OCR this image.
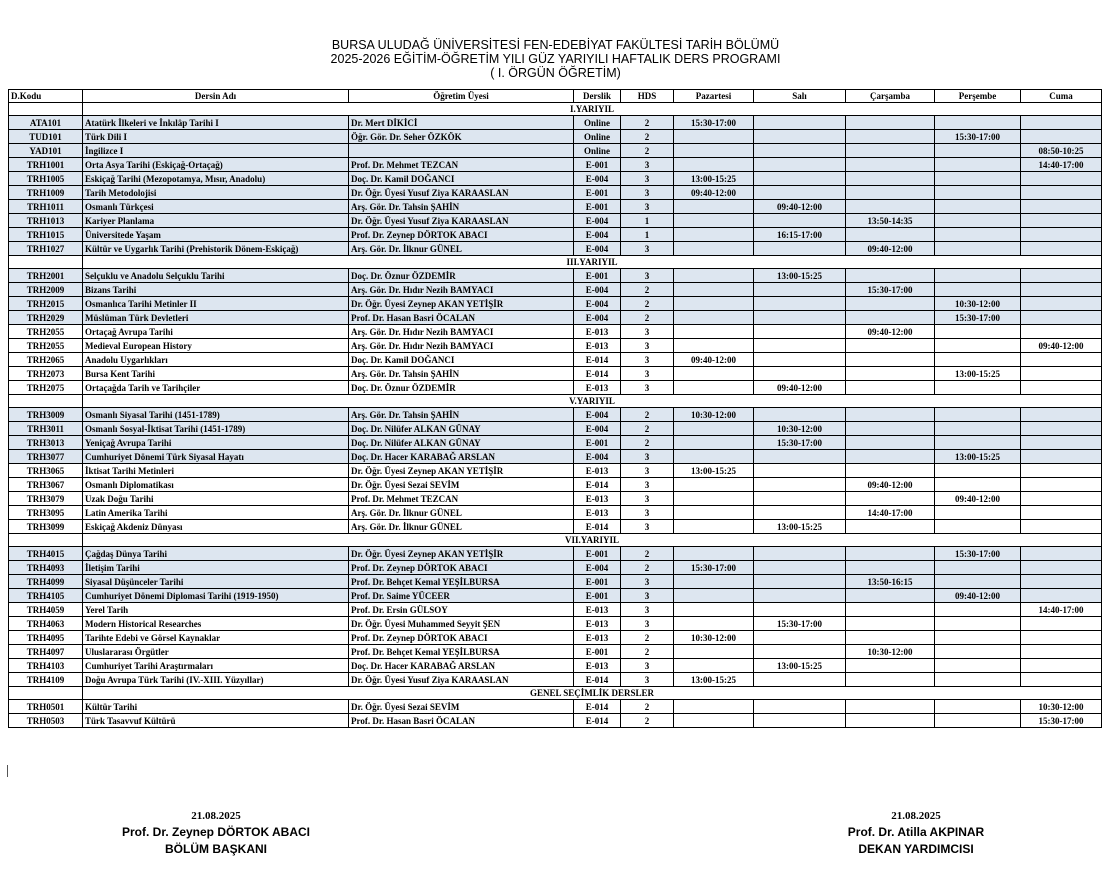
BURSA ULUDAĞ ÜNİVERSİTESİ FEN-EDEBİYAT FAKÜLTESİ TARİH BÖLÜMÜ
2025-2026 EĞİTİM-ÖĞRETİM YILI GÜZ YARIYILI HAFTALIK DERS PROGRAMI
( I. ÖRGÜN ÖĞRETİM)
D.Kodu	Dersin Adı	Öğretim Üyesi	Derslik	HDS	Pazartesi	Salı	Çarşamba	Perşembe	Cuma
	I.YARIYIL								
ATA101	Atatürk İlkeleri ve İnkılâp Tarihi I	Dr. Mert DİKİCİ	Online	2	15:30-17:00				
TUD101	Türk Dili I	Öğr. Gör. Dr. Seher ÖZKÖK	Online	2				15:30-17:00	
YAD101	İngilizce I		Online	2					08:50-10:25
TRH1001	Orta Asya Tarihi (Eskiçağ-Ortaçağ)	Prof. Dr. Mehmet TEZCAN	E-001	3					14:40-17:00
TRH1005	Eskiçağ Tarihi (Mezopotamya, Mısır, Anadolu)	Doç. Dr. Kamil DOĞANCI	E-004	3	13:00-15:25				
TRH1009	Tarih Metodolojisi	Dr. Öğr. Üyesi Yusuf Ziya KARAASLAN	E-001	3	09:40-12:00				
TRH1011	Osmanlı Türkçesi	Arş. Gör. Dr. Tahsin ŞAHİN	E-001	3		09:40-12:00			
TRH1013	Kariyer Planlama	Dr. Öğr. Üyesi Yusuf Ziya KARAASLAN	E-004	1			13:50-14:35		
TRH1015	Üniversitede Yaşam	Prof. Dr. Zeynep DÖRTOK ABACI	E-004	1		16:15-17:00			
TRH1027	Kültür ve Uygarlık Tarihi (Prehistorik Dönem-Eskiçağ)	Arş. Gör. Dr. İlknur GÜNEL	E-004	3			09:40-12:00		
	III.YARIYIL								
TRH2001	Selçuklu ve Anadolu Selçuklu Tarihi	Doç. Dr. Öznur ÖZDEMİR	E-001	3		13:00-15:25			
TRH2009	Bizans Tarihi	Arş. Gör. Dr. Hıdır Nezih BAMYACI	E-004	2			15:30-17:00		
TRH2015	Osmanlıca Tarihi Metinler II	Dr. Öğr. Üyesi Zeynep AKAN YETİŞİR	E-004	2				10:30-12:00	
TRH2029	Müslüman Türk Devletleri	Prof. Dr. Hasan Basri ÖCALAN	E-004	2				15:30-17:00	
TRH2055	Ortaçağ Avrupa Tarihi	Arş. Gör. Dr. Hıdır Nezih BAMYACI	E-013	3			09:40-12:00		
TRH2055	Medieval European History	Arş. Gör. Dr. Hıdır Nezih BAMYACI	E-013	3					09:40-12:00
TRH2065	Anadolu Uygarlıkları	Doç. Dr. Kamil DOĞANCI	E-014	3	09:40-12:00				
TRH2073	Bursa Kent Tarihi	Arş. Gör. Dr. Tahsin ŞAHİN	E-014	3				13:00-15:25	
TRH2075	Ortaçağda Tarih ve Tarihçiler	Doç. Dr. Öznur ÖZDEMİR	E-013	3		09:40-12:00			
	V.YARIYIL								
TRH3009	Osmanlı Siyasal Tarihi (1451-1789)	Arş. Gör. Dr. Tahsin ŞAHİN	E-004	2	10:30-12:00				
TRH3011	Osmanlı Sosyal-İktisat Tarihi (1451-1789)	Doç. Dr. Nilüfer ALKAN GÜNAY	E-004	2		10:30-12:00			
TRH3013	Yeniçağ Avrupa Tarihi	Doç. Dr. Nilüfer ALKAN GÜNAY	E-001	2		15:30-17:00			
TRH3077	Cumhuriyet Dönemi Türk Siyasal Hayatı	Doç. Dr. Hacer KARABAĞ ARSLAN	E-004	3				13:00-15:25	
TRH3065	İktisat Tarihi Metinleri	Dr. Öğr. Üyesi Zeynep AKAN YETİŞİR	E-013	3	13:00-15:25				
TRH3067	Osmanlı Diplomatikası	Dr. Öğr. Üyesi Sezai SEVİM	E-014	3			09:40-12:00		
TRH3079	Uzak Doğu Tarihi	Prof. Dr. Mehmet TEZCAN	E-013	3				09:40-12:00	
TRH3095	Latin Amerika Tarihi	Arş. Gör. Dr. İlknur GÜNEL	E-013	3			14:40-17:00		
TRH3099	Eskiçağ Akdeniz Dünyası	Arş. Gör. Dr. İlknur GÜNEL	E-014	3		13:00-15:25			
	VII.YARIYIL								
TRH4015	Çağdaş Dünya Tarihi	Dr. Öğr. Üyesi Zeynep AKAN YETİŞİR	E-001	2				15:30-17:00	
TRH4093	İletişim Tarihi	Prof. Dr. Zeynep DÖRTOK ABACI	E-004	2	15:30-17:00				
TRH4099	Siyasal Düşünceler Tarihi	Prof. Dr. Behçet Kemal YEŞİLBURSA	E-001	3			13:50-16:15		
TRH4105	Cumhuriyet Dönemi Diplomasi Tarihi (1919-1950)	Prof. Dr. Saime YÜCEER	E-001	3				09:40-12:00	
TRH4059	Yerel Tarih	Prof. Dr. Ersin GÜLSOY	E-013	3					14:40-17:00
TRH4063	Modern Historical Researches	Dr. Öğr. Üyesi Muhammed Seyyit ŞEN	E-013	3		15:30-17:00			
TRH4095	Tarihte Edebi ve Görsel Kaynaklar	Prof. Dr. Zeynep DÖRTOK ABACI	E-013	2	10:30-12:00				
TRH4097	Uluslararası Örgütler	Prof. Dr. Behçet Kemal YEŞİLBURSA	E-001	2			10:30-12:00		
TRH4103	Cumhuriyet Tarihi Araştırmaları	Doç. Dr. Hacer KARABAĞ ARSLAN	E-013	3		13:00-15:25			
TRH4109	Doğu Avrupa Türk Tarihi (IV.-XIII. Yüzyıllar)	Dr. Öğr. Üyesi Yusuf Ziya KARAASLAN	E-014	3	13:00-15:25				
	GENEL SEÇİMLİK DERSLER								
TRH0501	Kültür Tarihi	Dr. Öğr. Üyesi Sezai SEVİM	E-014	2					10:30-12:00
TRH0503	Türk Tasavvuf Kültürü	Prof. Dr. Hasan Basri ÖCALAN	E-014	2					15:30-17:00
21.08.2025
Prof. Dr. Zeynep DÖRTOK ABACI
BÖLÜM BAŞKANI
21.08.2025
Prof. Dr. Atilla AKPINAR
DEKAN YARDIMCISI
